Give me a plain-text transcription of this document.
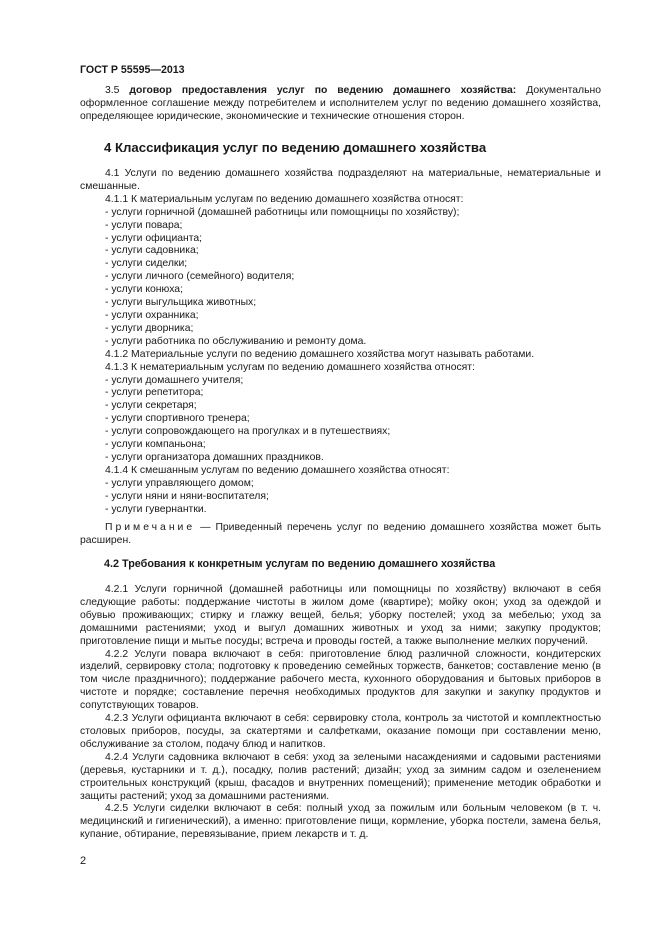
ГОСТ Р 55595—2013

3.5 договор предоставления услуг по ведению домашнего хозяйства: Документально оформленное соглашение между потребителем и исполнителем услуг по ведению домашнего хозяйства, определяющее юридические, экономические и технические отношения сторон.

4 Классификация услуг по ведению домашнего хозяйства

4.1 Услуги по ведению домашнего хозяйства подразделяют на материальные, нематериальные и смешанные.

4.1.1 К материальным услугам по ведению домашнего хозяйства относят:

- услуги горничной (домашней работницы или помощницы по хозяйству);

- услуги повара;

- услуги официанта;

- услуги садовника;

- услуги сиделки;

- услуги личного (семейного) водителя;

- услуги конюха;

- услуги выгульщика животных;

- услуги охранника;

- услуги дворника;

- услуги работника по обслуживанию и ремонту дома.

4.1.2 Материальные услуги по ведению домашнего хозяйства могут называть работами.

4.1.3 К нематериальным услугам по ведению домашнего хозяйства относят:

- услуги домашнего учителя;

- услуги репетитора;

- услуги секретаря;

- услуги спортивного тренера;

- услуги сопровождающего на прогулках и в путешествиях;

- услуги компаньона;

- услуги организатора домашних праздников.

4.1.4 К смешанным услугам по ведению домашнего хозяйства относят:

- услуги управляющего домом;

- услуги няни и няни-воспитателя;

- услуги гувернантки.

Примечание — Приведенный перечень услуг по ведению домашнего хозяйства может быть расширен.

4.2 Требования к конкретным услугам по ведению домашнего хозяйства

4.2.1 Услуги горничной (домашней работницы или помощницы по хозяйству) включают в себя следующие работы: поддержание чистоты в жилом доме (квартире); мойку окон; уход за одеждой и обувью проживающих; стирку и глажку вещей, белья; уборку постелей; уход за мебелью; уход за домашними растениями; уход и выгул домашних животных и уход за ними; закупку продуктов; приготовление пищи и мытье посуды; встреча и проводы гостей, а также выполнение мелких поручений.

4.2.2 Услуги повара включают в себя: приготовление блюд различной сложности, кондитерских изделий, сервировку стола; подготовку к проведению семейных торжеств, банкетов; составление меню (в том числе праздничного); поддержание рабочего места, кухонного оборудования и бытовых приборов в чистоте и порядке; составление перечня необходимых продуктов для закупки и закупку продуктов и сопутствующих товаров.

4.2.3 Услуги официанта включают в себя: сервировку стола, контроль за чистотой и комплектностью столовых приборов, посуды, за скатертями и салфетками, оказание помощи при составлении меню, обслуживание за столом, подачу блюд и напитков.

4.2.4 Услуги садовника включают в себя: уход за зелеными насаждениями и садовыми растениями (деревья, кустарники и т. д.), посадку, полив растений; дизайн; уход за зимним садом и озеленением строительных конструкций (крыш, фасадов и внутренних помещений); применение методик обработки и защиты растений; уход за домашними растениями.

4.2.5 Услуги сиделки включают в себя: полный уход за пожилым или больным человеком (в т. ч. медицинский и гигиенический), а именно: приготовление пищи, кормление, уборка постели, замена белья, купание, обтирание, перевязывание, прием лекарств и т. д.

2
